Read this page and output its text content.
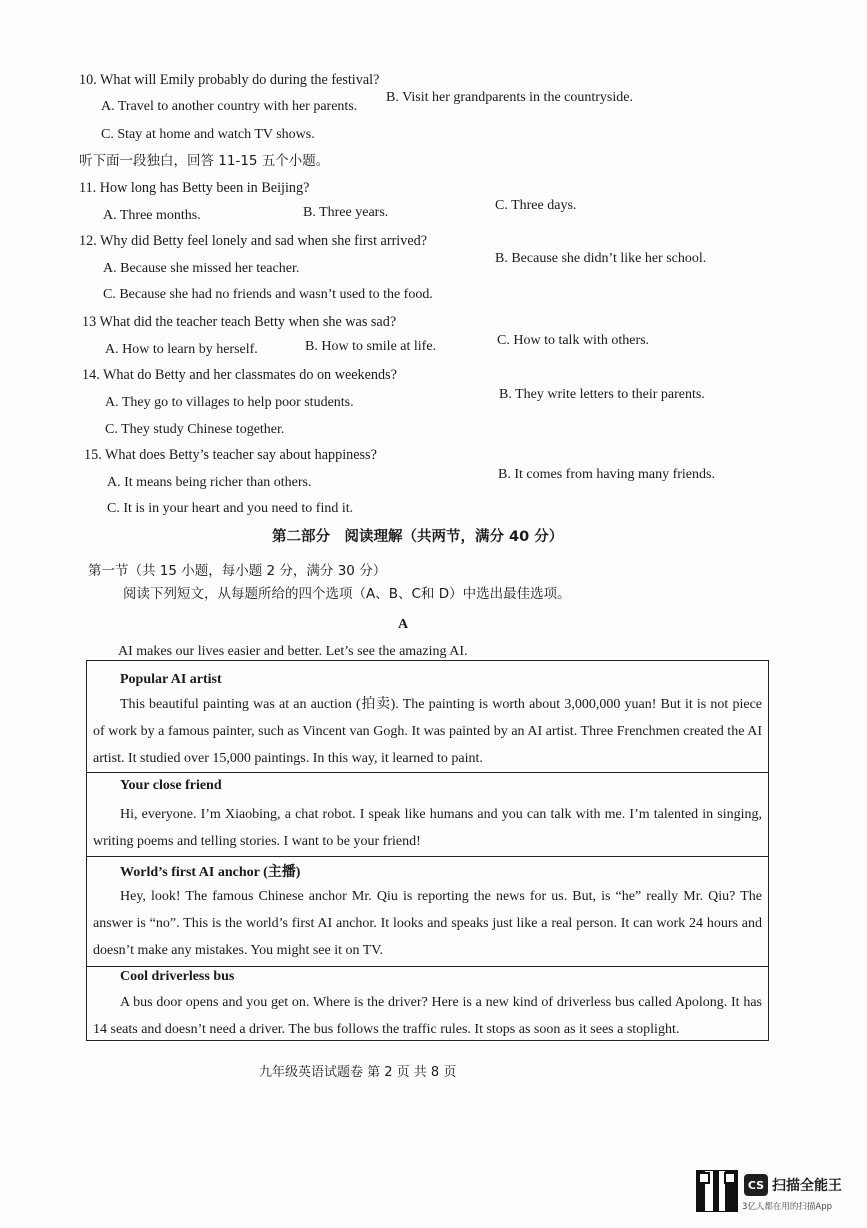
10. What will Emily probably do during the festival?
A. Travel to another country with her parents.
B. Visit her grandparents in the countryside.
C. Stay at home and watch TV shows.
听下面一段独白，回答 11-15 五个小题。
11. How long has Betty been in Beijing?
A. Three months.	B. Three years.	C. Three days.
12. Why did Betty feel lonely and sad when she first arrived?
A. Because she missed her teacher.
B. Because she didn’t like her school.
C. Because she had no friends and wasn’t used to the food.
13 What did the teacher teach Betty when she was sad?
A. How to learn by herself.	B. How to smile at life.	C. How to talk with others.
14. What do Betty and her classmates do on weekends?
A. They go to villages to help poor students.
B. They write letters to their parents.
C. They study Chinese together.
15. What does Betty’s teacher say about happiness?
A. It means being richer than others.
B. It comes from having many friends.
C. It is in your heart and you need to find it.
第二部分　阅读理解（共两节，满分 40 分）
第一节（共 15 小题，每小题 2 分，满分 30 分）
阅读下列短文，从每题所给的四个选项（A、B、C和 D）中选出最佳选项。
A
AI makes our lives easier and better. Let’s see the amazing AI.
Popular AI artist
This beautiful painting was at an auction (拍卖). The painting is worth about 3,000,000 yuan! But it is not piece of work by a famous painter, such as Vincent van Gogh. It was painted by an AI artist. Three Frenchmen created the AI artist. It studied over 15,000 paintings. In this way, it learned to paint.
Your close friend
Hi, everyone. I’m Xiaobing, a chat robot. I speak like humans and you can talk with me. I’m talented in singing, writing poems and telling stories. I want to be your friend!
World’s first AI anchor (主播)
Hey, look! The famous Chinese anchor Mr. Qiu is reporting the news for us. But, is “he” really Mr. Qiu? The answer is “no”. This is the world’s first AI anchor. It looks and speaks just like a real person. It can work 24 hours and doesn’t make any mistakes. You might see it on TV.
Cool driverless bus
A bus door opens and you get on. Where is the driver? Here is a new kind of driverless bus called Apolong. It has 14 seats and doesn’t need a driver. The bus follows the traffic rules. It stops as soon as it sees a stoplight.
九年级英语试题卷 第 2 页 共 8 页
CS 扫描全能王
3亿人都在用的扫描App
